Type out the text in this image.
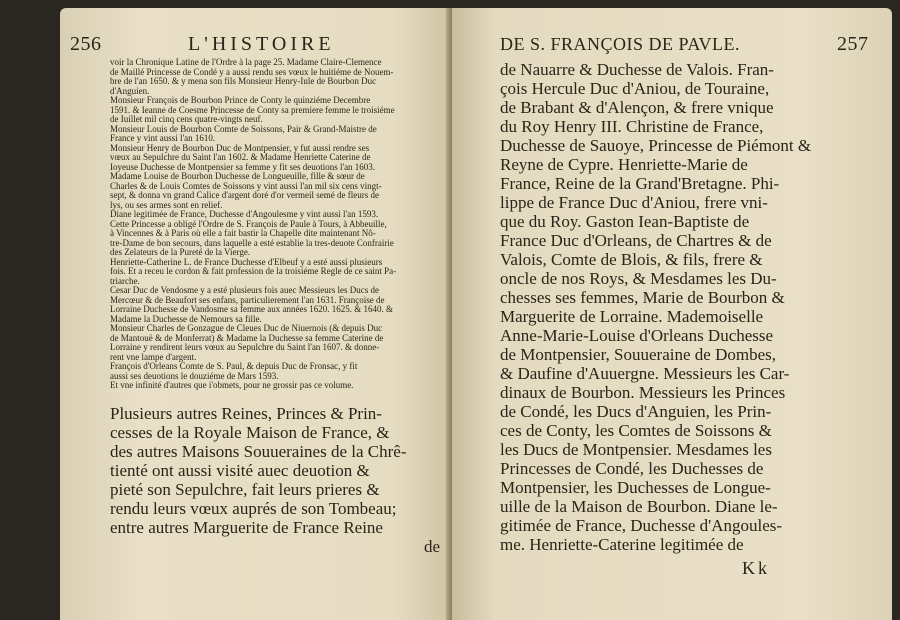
256	L'HISTOIRE
voir la Chronique Latine de l'Ordre à la page 25. Madame Claire-Clemence
de Maillé Princesse de Condé y a aussi rendu ses vœux le huitiéme de Nouem-
bre de l'an 1650. & y mena son fils Monsieur Henry-Iule de Bourbon Duc
d'Anguien.
Monsieur François de Bourbon Prince de Conty le quinziéme Decembre
1591. & Ieanne de Coesme Princesse de Conty sa premiere femme le troisiéme
de Iuillet mil cinq cens quatre-vingts neuf.
Monsieur Louis de Bourbon Comte de Soissons, Pair & Grand-Maistre de
France y vint aussi l'an 1610.
Monsieur Henry de Bourbon Duc de Montpensier, y fut aussi rendre ses
vœux au Sepulchre du Saint l'an 1602. & Madame Henriette Caterine de
Ioyeuse Duchesse de Montpensier sa femme y fit ses deuotions l'an 1603.
Madame Louise de Bourbon Duchesse de Longueuille, fille & sœur de
Charles & de Louis Comtes de Soissons y vint aussi l'an mil six cens vingt-
sept, & donna vn grand Calice d'argent doré d'or vermeil semé de fleurs de
lys, ou ses armes sont en relief.
Diane legitimée de France, Duchesse d'Angoulesme y vint aussi l'an 1593.
Cette Princesse a obligé l'Ordre de S. François de Paule à Tours, à Abbeuille,
à Vincennes & à Paris où elle a fait bastir la Chapelle dite maintenant Nô-
tre-Dame de bon secours, dans laquelle a esté establie la tres-deuote Confrairie
des Zelateurs de la Pureté de la Vierge.
Henriette-Catherine L. de France Duchesse d'Elbeuf y a esté aussi plusieurs
fois. Et a receu le cordon & fait profession de la troisiéme Regle de ce saint Pa-
triarche.
Cesar Duc de Vendosme y a esté plusieurs fois auec Messieurs les Ducs de
Mercœur & de Beaufort ses enfans, particulierement l'an 1631. Françoise de
Lorraine Duchesse de Vandosme sa femme aux années 1620. 1625. & 1640. &
Madame la Duchesse de Nemours sa fille.
Monsieur Charles de Gonzague de Cleues Duc de Niuernois (& depuis Duc
de Mantouë & de Monferrat) & Madame la Duchesse sa femme Caterine de
Lorraine y rendirent leurs vœux au Sepulchre du Saint l'an 1607. & donne-
rent vne lampe d'argent.
François d'Orleans Comte de S. Paul, & depuis Duc de Fronsac, y fit
aussi ses deuotions le douziéme de Mars 1593.
Et vne infinité d'autres que i'obmets, pour ne grossir pas ce volume.
Plusieurs autres Reines, Princes & Prin-
cesses de la Royale Maison de France, &
des autres Maisons Souueraines de la Chrê-
tienté ont aussi visité auec deuotion &
pieté son Sepulchre, fait leurs prieres &
rendu leurs vœux auprés de son Tombeau;
entre autres Marguerite de France Reine
de
DE S. FRANÇOIS DE PAVLE.	257
de Nauarre & Duchesse de Valois. Fran-
çois Hercule Duc d'Aniou, de Touraine,
de Brabant & d'Alençon, & frere vnique
du Roy Henry III. Christine de France,
Duchesse de Sauoye, Princesse de Piémont &
Reyne de Cypre. Henriette-Marie de
France, Reine de la Grand'Bretagne. Phi-
lippe de France Duc d'Aniou, frere vni-
que du Roy. Gaston Iean-Baptiste de
France Duc d'Orleans, de Chartres & de
Valois, Comte de Blois, & fils, frere &
oncle de nos Roys, & Mesdames les Du-
chesses ses femmes, Marie de Bourbon &
Marguerite de Lorraine. Mademoiselle
Anne-Marie-Louise d'Orleans Duchesse
de Montpensier, Souueraine de Dombes,
& Daufine d'Auuergne. Messieurs les Car-
dinaux de Bourbon. Messieurs les Princes
de Condé, les Ducs d'Anguien, les Prin-
ces de Conty, les Comtes de Soissons &
les Ducs de Montpensier. Mesdames les
Princesses de Condé, les Duchesses de
Montpensier, les Duchesses de Longue-
uille de la Maison de Bourbon. Diane le-
gitimée de France, Duchesse d'Angoules-
me. Henriette-Caterine legitimée de
Kk
